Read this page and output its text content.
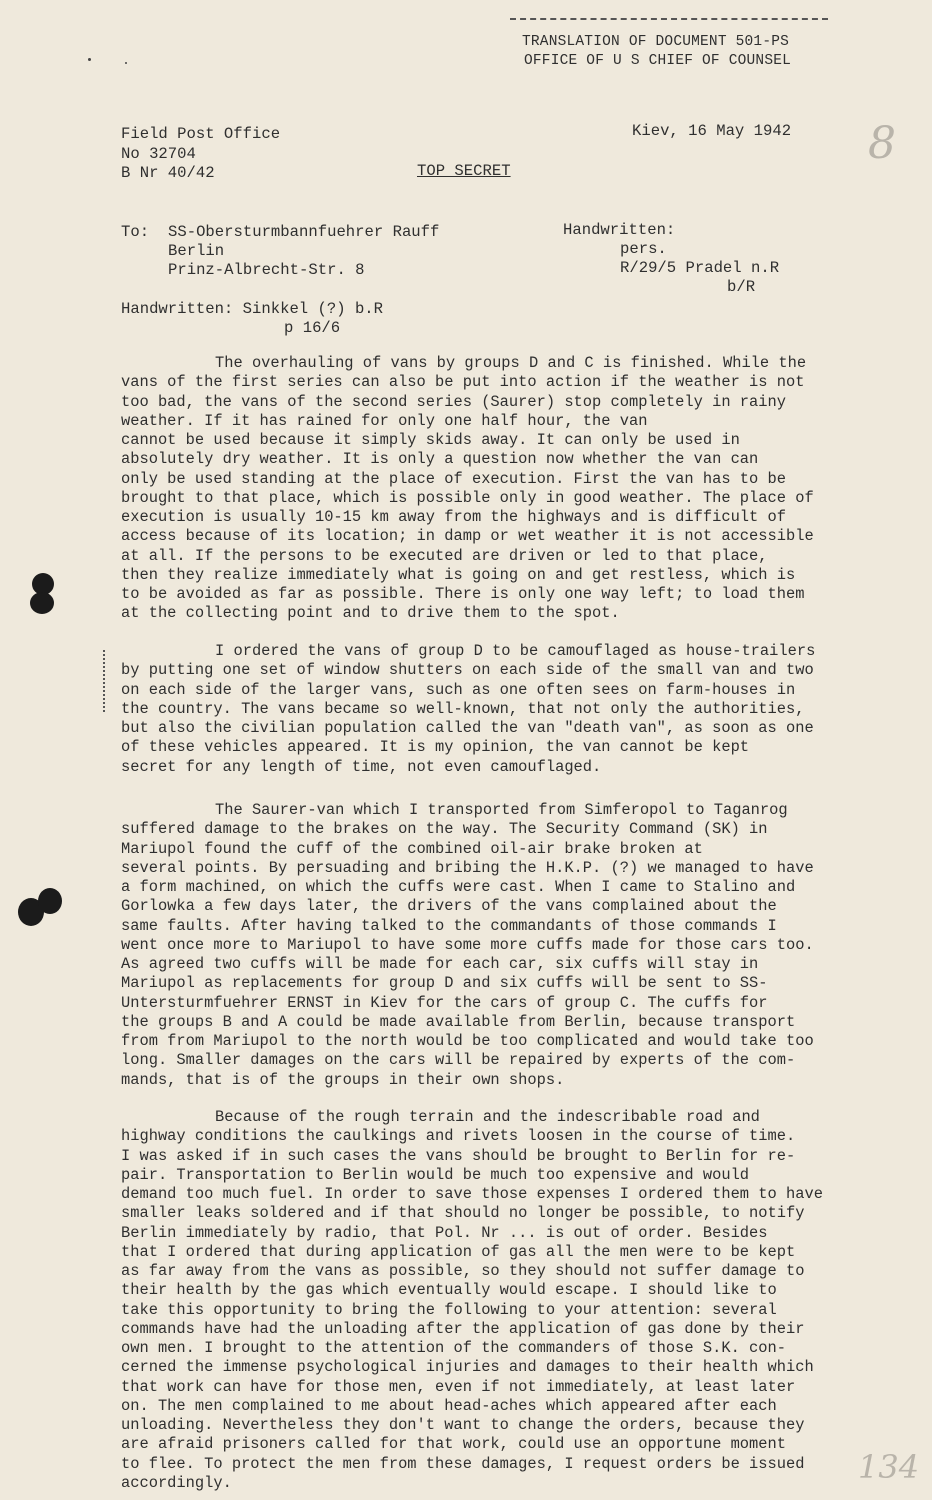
TRANSLATION OF DOCUMENT 501-PS
OFFICE OF U S CHIEF OF COUNSEL
Field Post Office
No 32704
B Nr 40/42
Kiev, 16 May 1942
TOP SECRET
To: SS-Obersturmbannfuehrer Rauff
Berlin
Prinz-Albrecht-Str. 8
Handwritten:
pers.
R/29/5 Pradel n.R
b/R
Handwritten: Sinkkel (?) b.R
p 16/6
The overhauling of vans by groups D and C is finished. While the
vans of the first series can also be put into action if the weather is not
too bad, the vans of the second series (Saurer) stop completely in rainy
weather. If it has rained for only one half hour, the van
cannot be used because it simply skids away. It can only be used in
absolutely dry weather. It is only a question now whether the van can
only be used standing at the place of execution. First the van has to be
brought to that place, which is possible only in good weather. The place of
execution is usually 10-15 km away from the highways and is difficult of
access because of its location; in damp or wet weather it is not accessible
at all. If the persons to be executed are driven or led to that place,
then they realize immediately what is going on and get restless, which is
to be avoided as far as possible. There is only one way left; to load them
at the collecting point and to drive them to the spot.
I ordered the vans of group D to be camouflaged as house-trailers
by putting one set of window shutters on each side of the small van and two
on each side of the larger vans, such as one often sees on farm-houses in
the country. The vans became so well-known, that not only the authorities,
but also the civilian population called the van "death van", as soon as one
of these vehicles appeared. It is my opinion, the van cannot be kept
secret for any length of time, not even camouflaged.
The Saurer-van which I transported from Simferopol to Taganrog
suffered damage to the brakes on the way. The Security Command (SK) in
Mariupol found the cuff of the combined oil-air brake broken at
several points. By persuading and bribing the H.K.P. (?) we managed to have
a form machined, on which the cuffs were cast. When I came to Stalino and
Gorlowka a few days later, the drivers of the vans complained about the
same faults. After having talked to the commandants of those commands I
went once more to Mariupol to have some more cuffs made for those cars too.
As agreed two cuffs will be made for each car, six cuffs will stay in
Mariupol as replacements for group D and six cuffs will be sent to SS-
Untersturmfuehrer ERNST in Kiev for the cars of group C. The cuffs for
the groups B and A could be made available from Berlin, because transport
from from Mariupol to the north would be too complicated and would take too
long. Smaller damages on the cars will be repaired by experts of the com-
mands, that is of the groups in their own shops.
Because of the rough terrain and the indescribable road and
highway conditions the caulkings and rivets loosen in the course of time.
I was asked if in such cases the vans should be brought to Berlin for re-
pair. Transportation to Berlin would be much too expensive and would
demand too much fuel. In order to save those expenses I ordered them to have
smaller leaks soldered and if that should no longer be possible, to notify
Berlin immediately by radio, that Pol. Nr ... is out of order. Besides
that I ordered that during application of gas all the men were to be kept
as far away from the vans as possible, so they should not suffer damage to
their health by the gas which eventually would escape. I should like to
take this opportunity to bring the following to your attention: several
commands have had the unloading after the application of gas done by their
own men. I brought to the attention of the commanders of those S.K. con-
cerned the immense psychological injuries and damages to their health which
that work can have for those men, even if not immediately, at least later
on. The men complained to me about head-aches which appeared after each
unloading. Nevertheless they don't want to change the orders, because they
are afraid prisoners called for that work, could use an opportune moment
to flee. To protect the men from these damages, I request orders be issued
accordingly.
8
134
